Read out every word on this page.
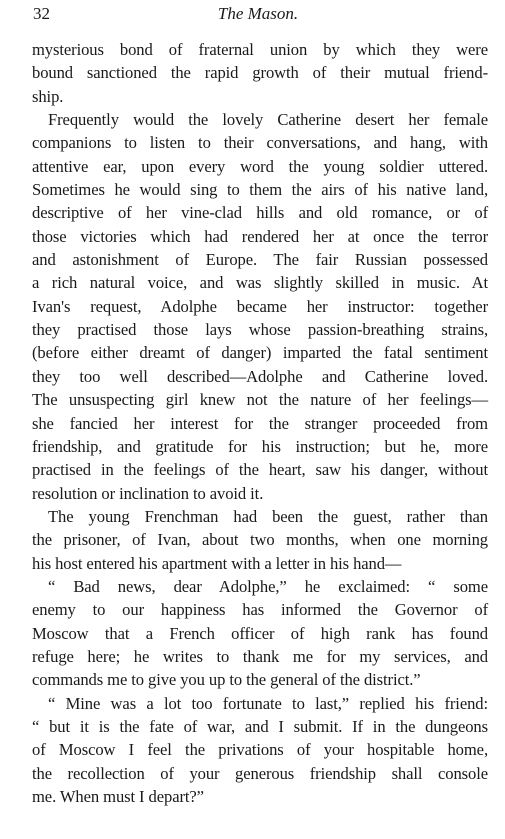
32	The Mason.
mysterious bond of fraternal union by which they were
bound sanctioned the rapid growth of their mutual friend-
ship.
Frequently would the lovely Catherine desert her female
companions to listen to their conversations, and hang, with
attentive ear, upon every word the young soldier uttered.
Sometimes he would sing to them the airs of his native land,
descriptive of her vine-clad hills and old romance, or of
those victories which had rendered her at once the terror
and astonishment of Europe. The fair Russian possessed
a rich natural voice, and was slightly skilled in music. At
Ivan's request, Adolphe became her instructor: together
they practised those lays whose passion-breathing strains,
(before either dreamt of danger) imparted the fatal sentiment
they too well described—Adolphe and Catherine loved.
The unsuspecting girl knew not the nature of her feelings—
she fancied her interest for the stranger proceeded from
friendship, and gratitude for his instruction; but he, more
practised in the feelings of the heart, saw his danger, without
resolution or inclination to avoid it.
The young Frenchman had been the guest, rather than
the prisoner, of Ivan, about two months, when one morning
his host entered his apartment with a letter in his hand—
“ Bad news, dear Adolphe,” he exclaimed: “ some
enemy to our happiness has informed the Governor of
Moscow that a French officer of high rank has found
refuge here; he writes to thank me for my services, and
commands me to give you up to the general of the district.”
“ Mine was a lot too fortunate to last,” replied his friend:
“ but it is the fate of war, and I submit. If in the dungeons
of Moscow I feel the privations of your hospitable home,
the recollection of your generous friendship shall console
me. When must I depart?”
